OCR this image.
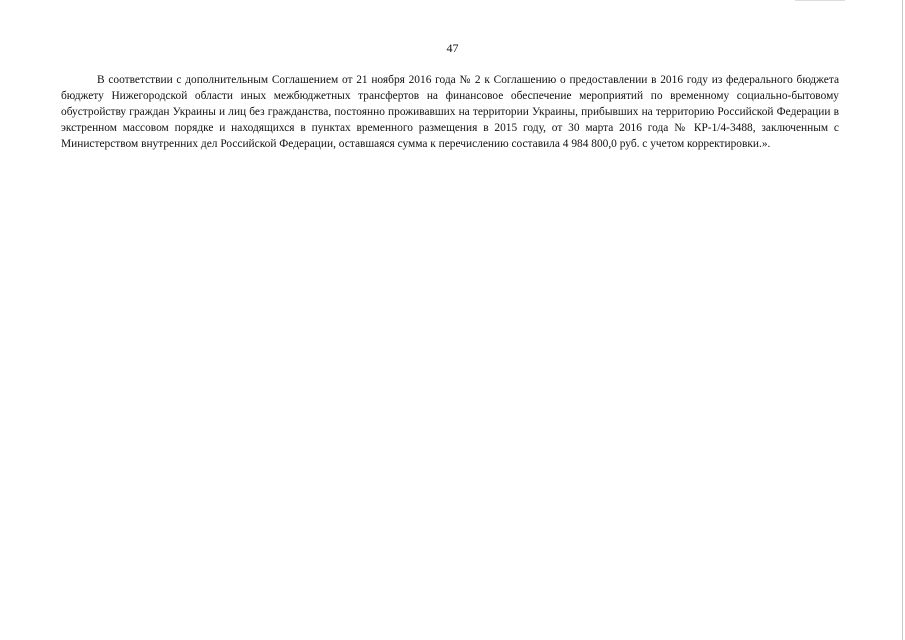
47

В соответствии с дополнительным Соглашением от 21 ноября 2016 года № 2 к Соглашению о предоставлении в 2016 году из федерального бюджета бюджету Нижегородской области иных межбюджетных трансфертов на финансовое обеспечение мероприятий по временному социально-бытовому обустройству граждан Украины и лиц без гражданства, постоянно проживавших на территории Украины, прибывших на территорию Российской Федерации в экстренном массовом порядке и находящихся в пунктах временного размещения в 2015 году, от 30 марта 2016 года № КР-1/4-3488, заключенным с Министерством внутренних дел Российской Федерации, оставшаяся сумма к перечислению составила 4 984 800,0 руб. с учетом корректировки.».
